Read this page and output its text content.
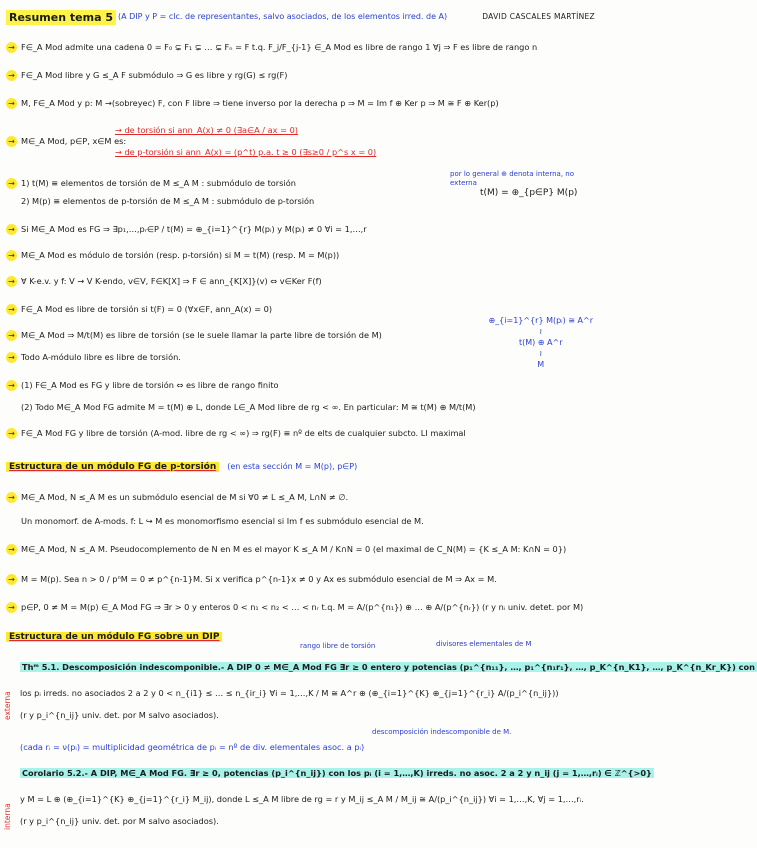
Resumen tema 5 (A DIP y P = clc. de representantes, salvo asociados, de los elementos irred. de A)	DAVID CASCALES MARTÍNEZ
→ F∈_A Mod admite una cadena 0 = F₀ ⊊ F₁ ⊊ … ⊊ Fₙ = F t.q. F_j/F_{j-1} ∈_A Mod es libre de rango 1 ∀j ⇒ F es libre de rango n
→ F∈_A Mod libre y G ≤_A F submódulo ⇒ G es libre y rg(G) ≤ rg(F)
→ M, F∈_A Mod y p: M →(sobreyec) F, con F libre ⇒ tiene inverso por la derecha p ⇒ M = Im f ⊕ Ker p ⇒ M ≅ F ⊕ Ker(p)
→ M∈_A Mod, p∈P, x∈M es:
→ de torsión si ann_A(x) ≠ 0 (∃a∈A / ax = 0)
→ de p-torsión si ann_A(x) = (p^t) p.a. t ≥ 0 (∃s≥0 / p^s x = 0)
→ 1) t(M) ≡ elementos de torsión de M ≤_A M : submódulo de torsión
2) M(p) ≡ elementos de p-torsión de M ≤_A M : submódulo de p-torsión
t(M) = ⊕_{p∈P} M(p)
por lo general ⊕ denota interna, no externa
→ Si M∈_A Mod es FG ⇒ ∃p₁,…,pᵣ∈P / t(M) = ⊕_{i=1}^{r} M(pᵢ) y M(pᵢ) ≠ 0 ∀i = 1,…,r
→ M∈_A Mod es módulo de torsión (resp. p-torsión) si M = t(M) (resp. M = M(p))
→ ∀ K-e.v. y f: V → V K-endo, v∈V, F∈K[X] ⇒ F ∈ ann_{K[X]}(v) ⇔ v∈Ker F(f)
→ F∈_A Mod es libre de torsión si t(F) = 0 (∀x∈F, ann_A(x) = 0)
→ M∈_A Mod ⇒ M/t(M) es libre de torsión (se le suele llamar la parte libre de torsión de M)
→ Todo A-módulo libre es libre de torsión.
⊕_{i=1}^{r} M(pᵢ) ≅ A^r
≀
t(M) ⊕ A^r
≀
M
→ (1) F∈_A Mod es FG y libre de torsión ⇔ es libre de rango finito
(2) Todo M∈_A Mod FG admite M = t(M) ⊕ L, donde L∈_A Mod libre de rg < ∞. En particular: M ≅ t(M) ⊕ M/t(M)
→ F∈_A Mod FG y libre de torsión (A-mod. libre de rg < ∞) ⇒ rg(F) ≡ nº de elts de cualquier subcto. LI maximal
Estructura de un módulo FG de p-torsión (en esta sección M = M(p), p∈P)
→ M∈_A Mod, N ≤_A M es un submódulo esencial de M si ∀0 ≠ L ≤_A M, L∩N ≠ ∅.
Un monomorf. de A-mods. f: L ↪ M es monomorfismo esencial si Im f es submódulo esencial de M.
→ M∈_A Mod, N ≤_A M. Pseudocomplemento de N en M es el mayor K ≤_A M / K∩N = 0 (el maximal de C_N(M) = {K ≤_A M: K∩N = 0})
→ M = M(p). Sea n > 0 / pⁿM = 0 ≠ p^{n-1}M. Si x verifica p^{n-1}x ≠ 0 y Ax es submódulo esencial de M ⇒ Ax = M.
→ p∈P, 0 ≠ M = M(p) ∈_A Mod FG ⇒ ∃r > 0 y enteros 0 < n₁ < n₂ < … < nᵣ t.q. M = A/(p^{n₁}) ⊕ … ⊕ A/(p^{nᵣ}) (r y nᵢ univ. detet. por M)
Estructura de un módulo FG sobre un DIP
rango libre de torsión	divisores elementales de M
Thᵐ 5.1. Descomposición indescomponible.- A DIP 0 ≠ M∈_A Mod FG ∃r ≥ 0 entero y potencias (p₁^{n₁₁}, …, p₁^{n₁r₁}, …, p_K^{n_K1}, …, p_K^{n_Kr_K}) con
los pᵢ irreds. no asociados 2 a 2 y 0 < n_{i1} ≤ … ≤ n_{ir_i} ∀i = 1,…,K / M ≅ A^r ⊕ (⊕_{i=1}^{K} ⊕_{j=1}^{r_i} A/(p_i^{n_ij}))
(r y p_i^{n_ij} univ. det. por M salvo asociados).
descomposición indescomponible de M.
(cada rᵢ = ν(pᵢ) = multiplicidad geométrica de pᵢ = nº de div. elementales asoc. a pᵢ)
Corolario 5.2.- A DIP, M∈_A Mod FG. ∃r ≥ 0, potencias (p_i^{n_ij}) con los pᵢ (i = 1,…,K) irreds. no asoc. 2 a 2 y n_ij (j = 1,…,rᵢ) ∈ ℤ^{>0}
y M = L ⊕ (⊕_{i=1}^{K} ⊕_{j=1}^{r_i} M_ij), donde L ≤_A M libre de rg = r y M_ij ≤_A M / M_ij ≅ A/(p_i^{n_ij}) ∀i = 1,…,K, ∀j = 1,…,rᵢ.
(r y p_i^{n_ij} univ. det. por M salvo asociados).
externa
interna
